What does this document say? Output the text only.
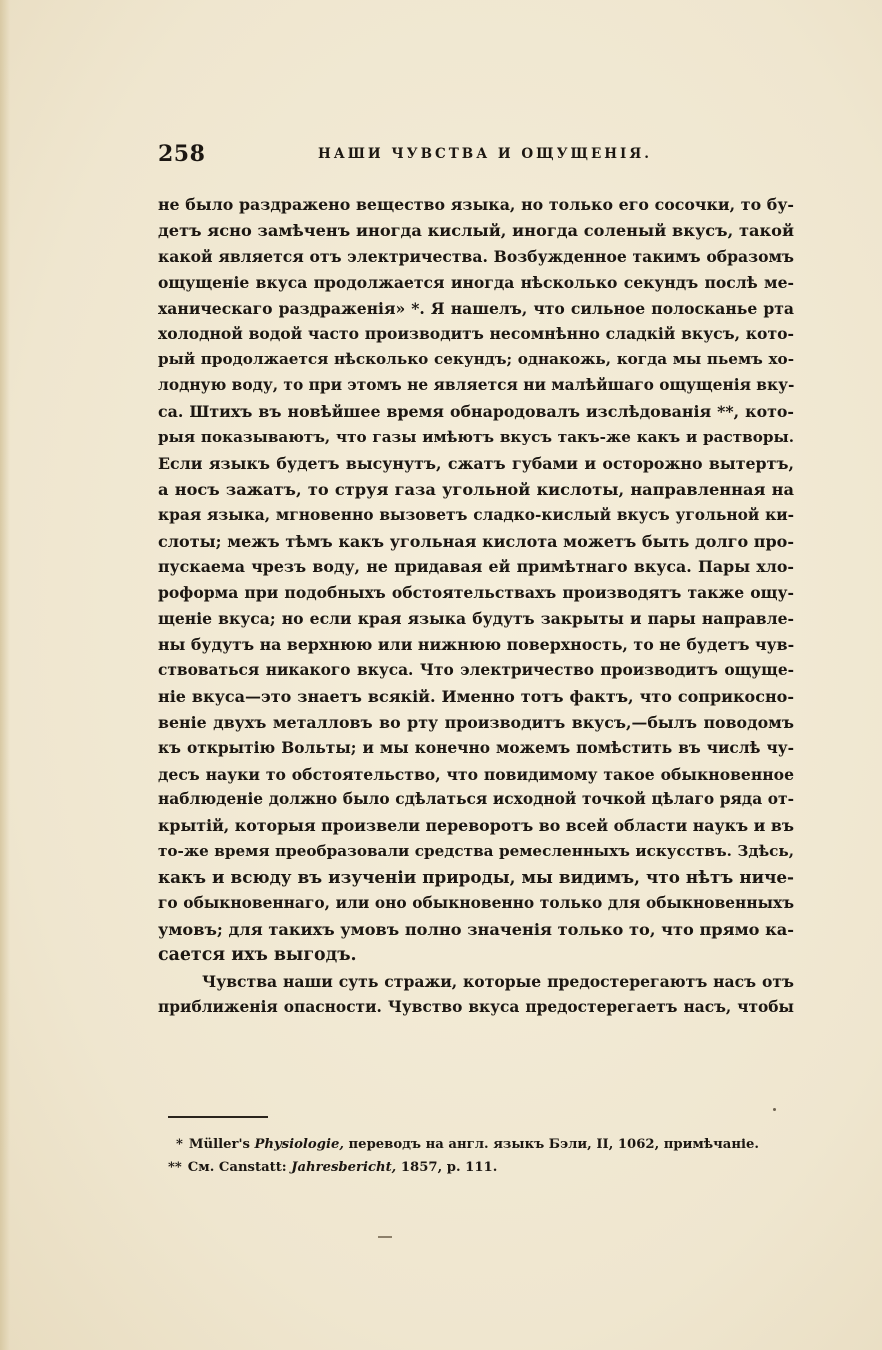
258	НАШИ ЧУВСТВА И ОЩУЩЕНІЯ.
не было раздражено вещество языка, но только его сосочки, то бу-
детъ ясно замѣченъ иногда кислый, иногда соленый вкусъ, такой
какой является отъ электричества. Возбужденное такимъ образомъ
ощущеніе вкуса продолжается иногда нѣсколько секундъ послѣ ме-
ханическаго раздраженія» *. Я нашелъ, что сильное полосканье рта
холодной водой часто производитъ несомнѣнно сладкій вкусъ, кото-
рый продолжается нѣсколько секундъ; однакожь, когда мы пьемъ хо-
лодную воду, то при этомъ не является ни малѣйшаго ощущенія вку-
са. Штихъ въ новѣйшее время обнародовалъ изслѣдованія **, кото-
рыя показываютъ, что газы имѣютъ вкусъ такъ-же какъ и растворы.
Если языкъ будетъ высунутъ, сжатъ губами и осторожно вытертъ,
а носъ зажатъ, то струя газа угольной кислоты, направленная на
края языка, мгновенно вызоветъ сладко-кислый вкусъ угольной ки-
слоты; межъ тѣмъ какъ угольная кислота можетъ быть долго про-
пускаема чрезъ воду, не придавая ей примѣтнаго вкуса. Пары хло-
роформа при подобныхъ обстоятельствахъ производятъ также ощу-
щеніе вкуса; но если края языка будутъ закрыты и пары направле-
ны будутъ на верхнюю или нижнюю поверхность, то не будетъ чув-
ствоваться никакого вкуса. Что электричество производитъ ощуще-
ніе вкуса—это знаетъ всякій. Именно тотъ фактъ, что соприкосно-
веніе двухъ металловъ во рту производитъ вкусъ,—былъ поводомъ
къ открытію Вольты; и мы конечно можемъ помѣстить въ числѣ чу-
десъ науки то обстоятельство, что повидимому такое обыкновенное
наблюденіе должно было сдѣлаться исходной точкой цѣлаго ряда от-
крытій, которыя произвели переворотъ во всей области наукъ и въ
то-же время преобразовали средства ремесленныхъ искусствъ. Здѣсь,
какъ и всюду въ изученіи природы, мы видимъ, что нѣтъ ниче-
го обыкновеннаго, или оно обыкновенно только для обыкновенныхъ
умовъ; для такихъ умовъ полно значенія только то, что прямо ка-
сается ихъ выгодъ.
Чувства наши суть стражи, которые предостерегаютъ насъ отъ
приближенія опасности. Чувство вкуса предостерегаетъ насъ, чтобы
* Müller's Physiologie, переводъ на англ. языкъ Бэли, II, 1062, примѣчаніе.
** См. Canstatt: Jahresbericht, 1857, p. 111.
